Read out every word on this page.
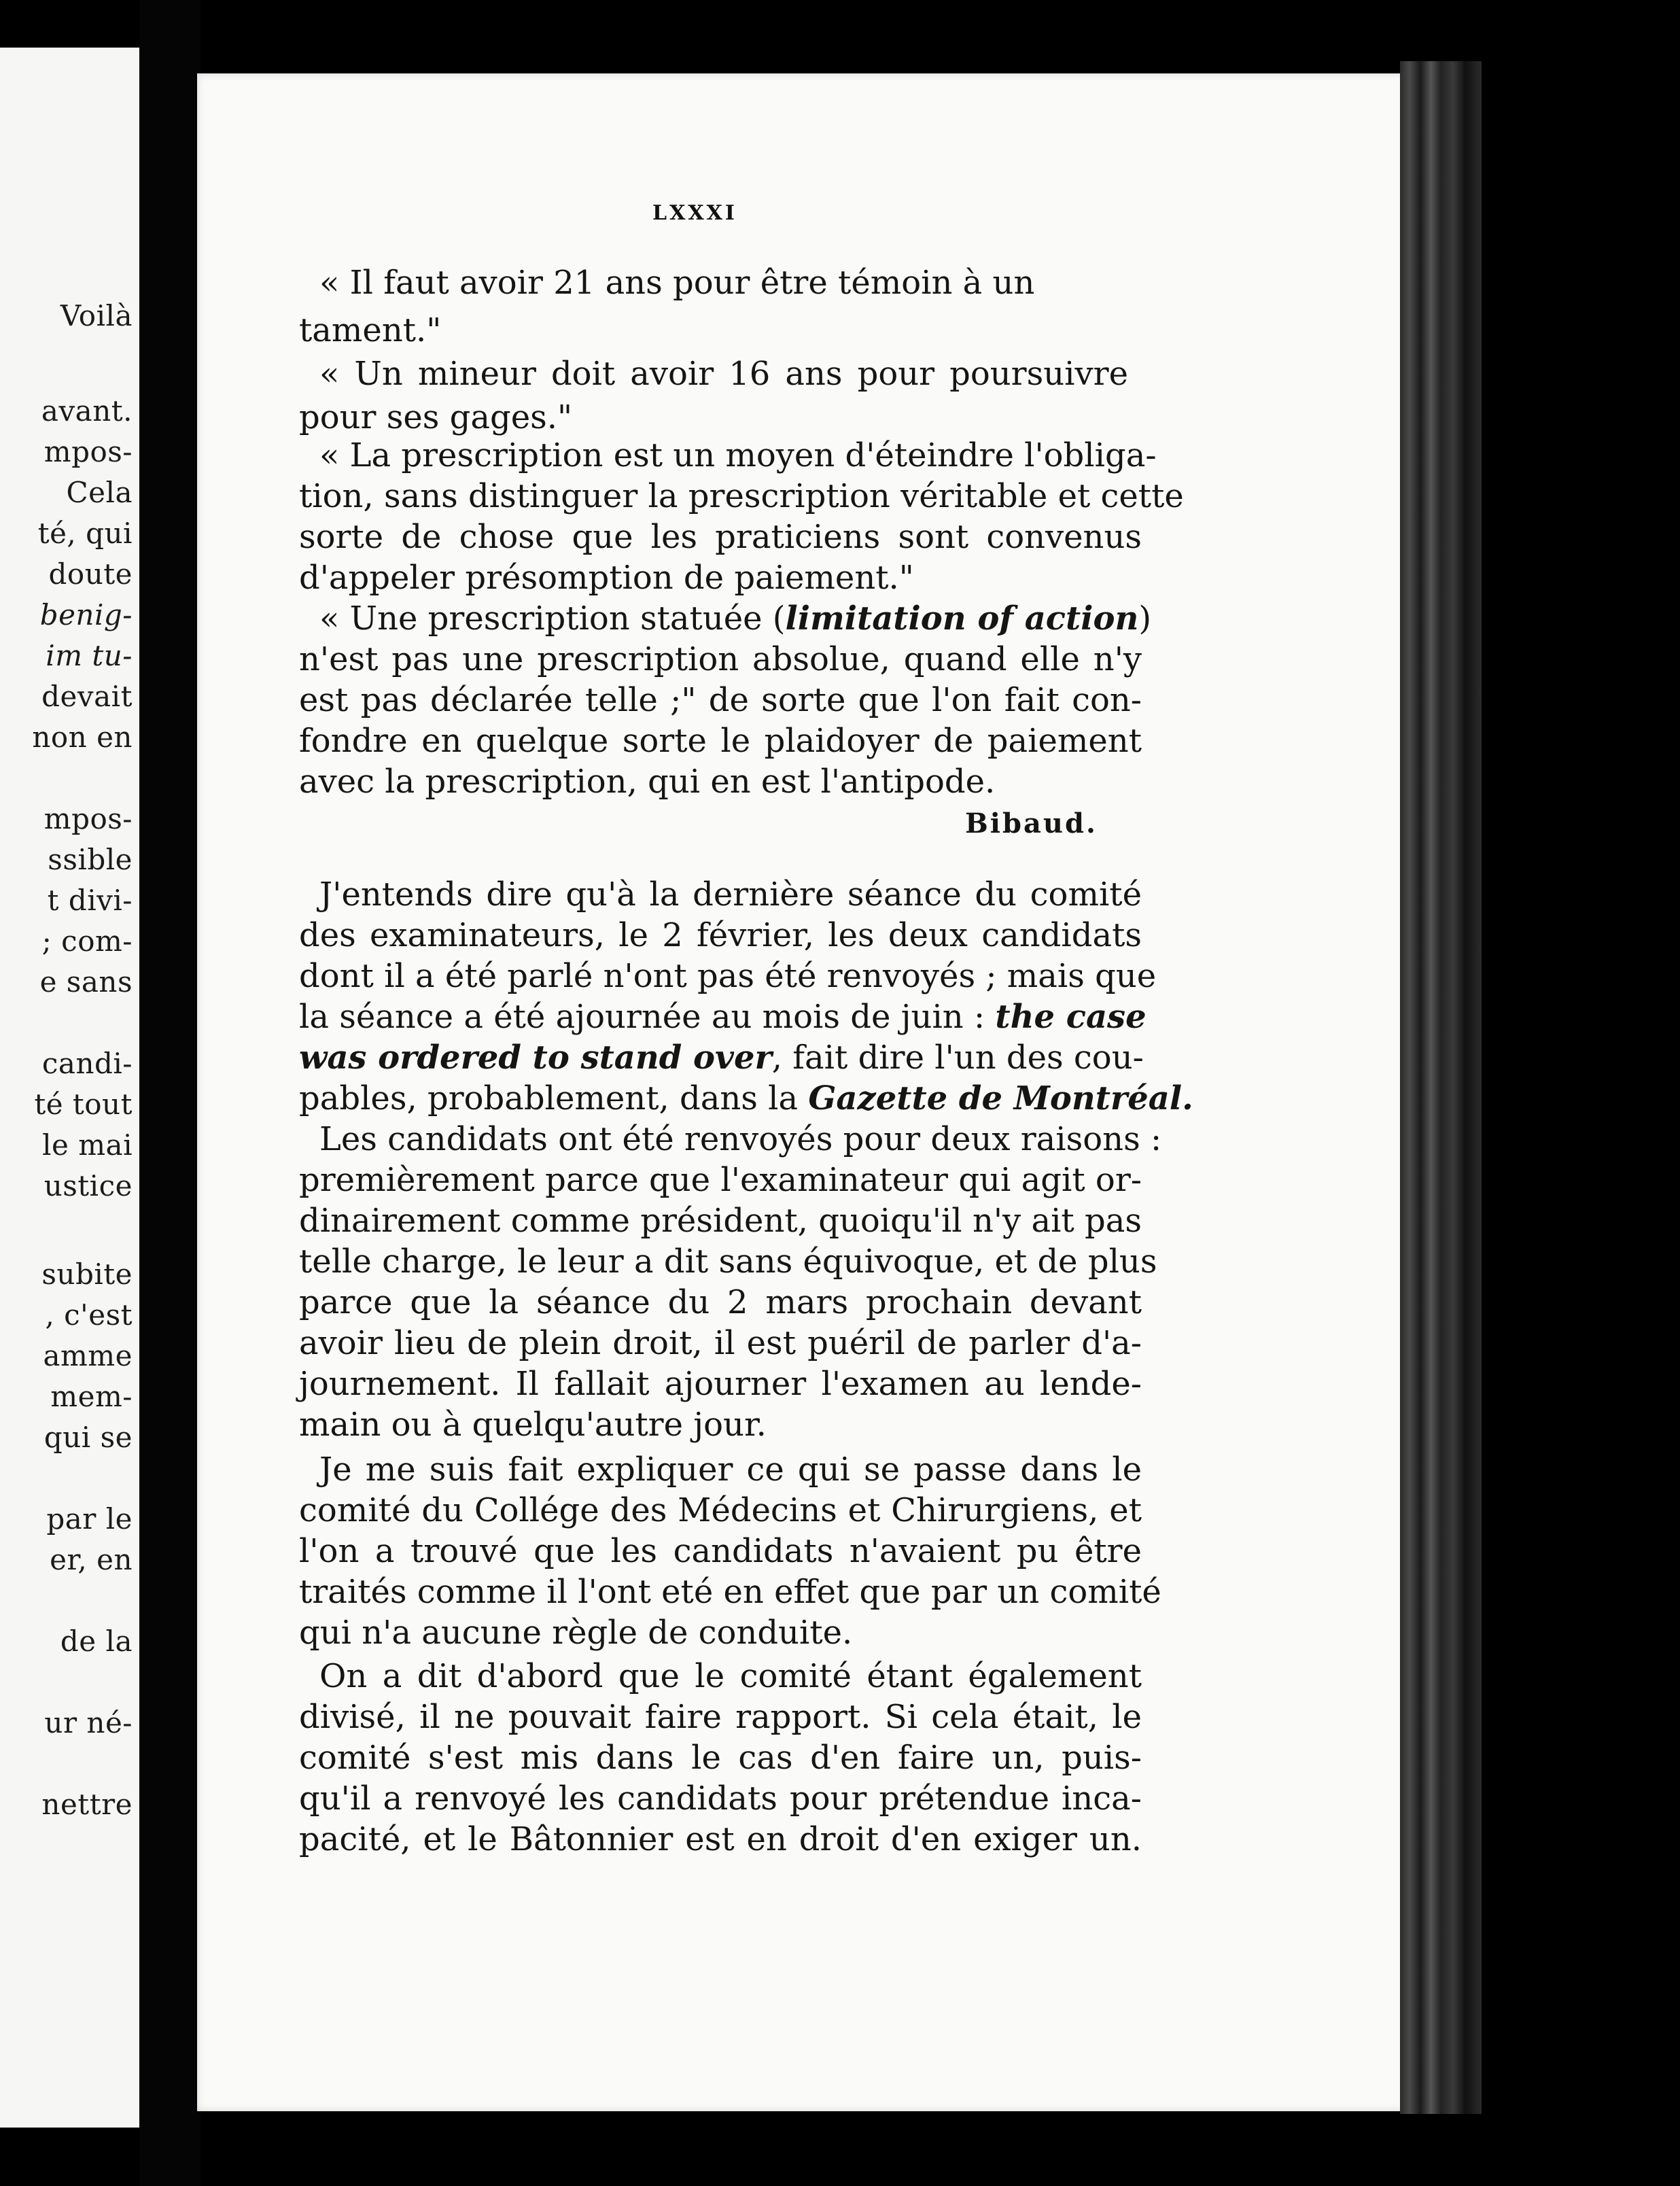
Voilà
avant.
mpos-
Cela
té, qui
doute
benig-
im tu-
devait
non en
mpos-
ssible
t divi-
; com-
e sans
candi-
té tout
le mai
ustice
subite
, c'est
amme
mem-
qui se
par le
er, en
de la
ur né-
nettre
LXXXI
« Il faut avoir 21 ans pour être témoin à un
tament."
« Un mineur doit avoir 16 ans pour poursuivre
pour ses gages."
« La prescription est un moyen d'éteindre l'obliga-
tion, sans distinguer la prescription véritable et cette
sorte de chose que les praticiens sont convenus
d'appeler présomption de paiement."
« Une prescription statuée (limitation of action)
n'est pas une prescription absolue, quand elle n'y
est pas déclarée telle ;" de sorte que l'on fait con-
fondre en quelque sorte le plaidoyer de paiement
avec la prescription, qui en est l'antipode.
Bibaud.
J'entends dire qu'à la dernière séance du comité
des examinateurs, le 2 février, les deux candidats
dont il a été parlé n'ont pas été renvoyés ; mais que
la séance a été ajournée au mois de juin : the case
was ordered to stand over, fait dire l'un des cou-
pables, probablement, dans la Gazette de Montréal.
Les candidats ont été renvoyés pour deux raisons :
premièrement parce que l'examinateur qui agit or-
dinairement comme président, quoiqu'il n'y ait pas
telle charge, le leur a dit sans équivoque, et de plus
parce que la séance du 2 mars prochain devant
avoir lieu de plein droit, il est puéril de parler d'a-
journement. Il fallait ajourner l'examen au lende-
main ou à quelqu'autre jour.
Je me suis fait expliquer ce qui se passe dans le
comité du Collége des Médecins et Chirurgiens, et
l'on a trouvé que les candidats n'avaient pu être
traités comme il l'ont eté en effet que par un comité
qui n'a aucune règle de conduite.
On a dit d'abord que le comité étant également
divisé, il ne pouvait faire rapport. Si cela était, le
comité s'est mis dans le cas d'en faire un, puis-
qu'il a renvoyé les candidats pour prétendue inca-
pacité, et le Bâtonnier est en droit d'en exiger un.
